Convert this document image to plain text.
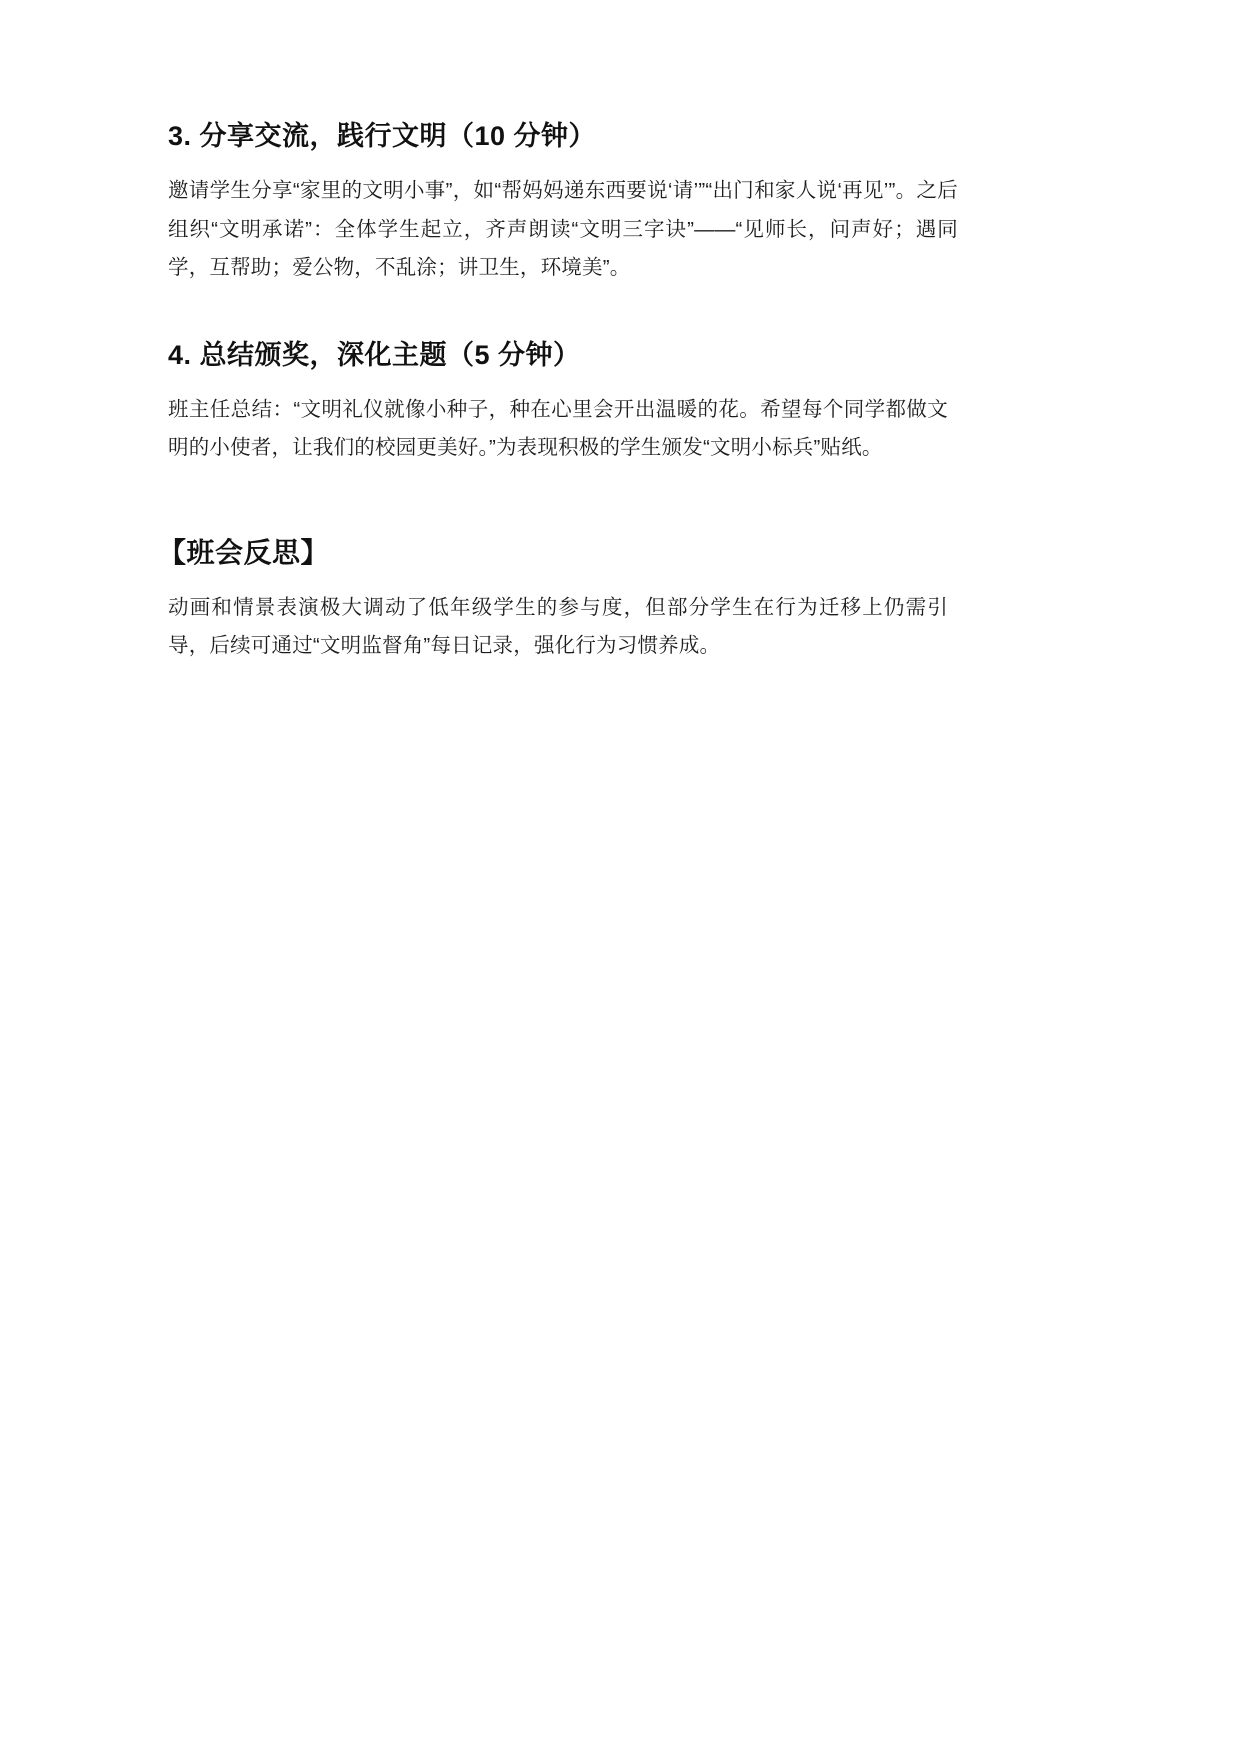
3. 分享交流，践行文明（10 分钟）

邀请学生分享“家里的文明小事”，如“帮妈妈递东西要说‘请’”“出门和家人说‘再见’”。之后组织“文明承诺”：全体学生起立，齐声朗读“文明三字诀”——“见师长，问声好；遇同学，互帮助；爱公物，不乱涂；讲卫生，环境美”。

4. 总结颁奖，深化主题（5 分钟）

班主任总结：“文明礼仪就像小种子，种在心里会开出温暖的花。希望每个同学都做文明的小使者，让我们的校园更美好。”为表现积极的学生颁发“文明小标兵”贴纸。

【班会反思】

动画和情景表演极大调动了低年级学生的参与度，但部分学生在行为迁移上仍需引导，后续可通过“文明监督角”每日记录，强化行为习惯养成。
